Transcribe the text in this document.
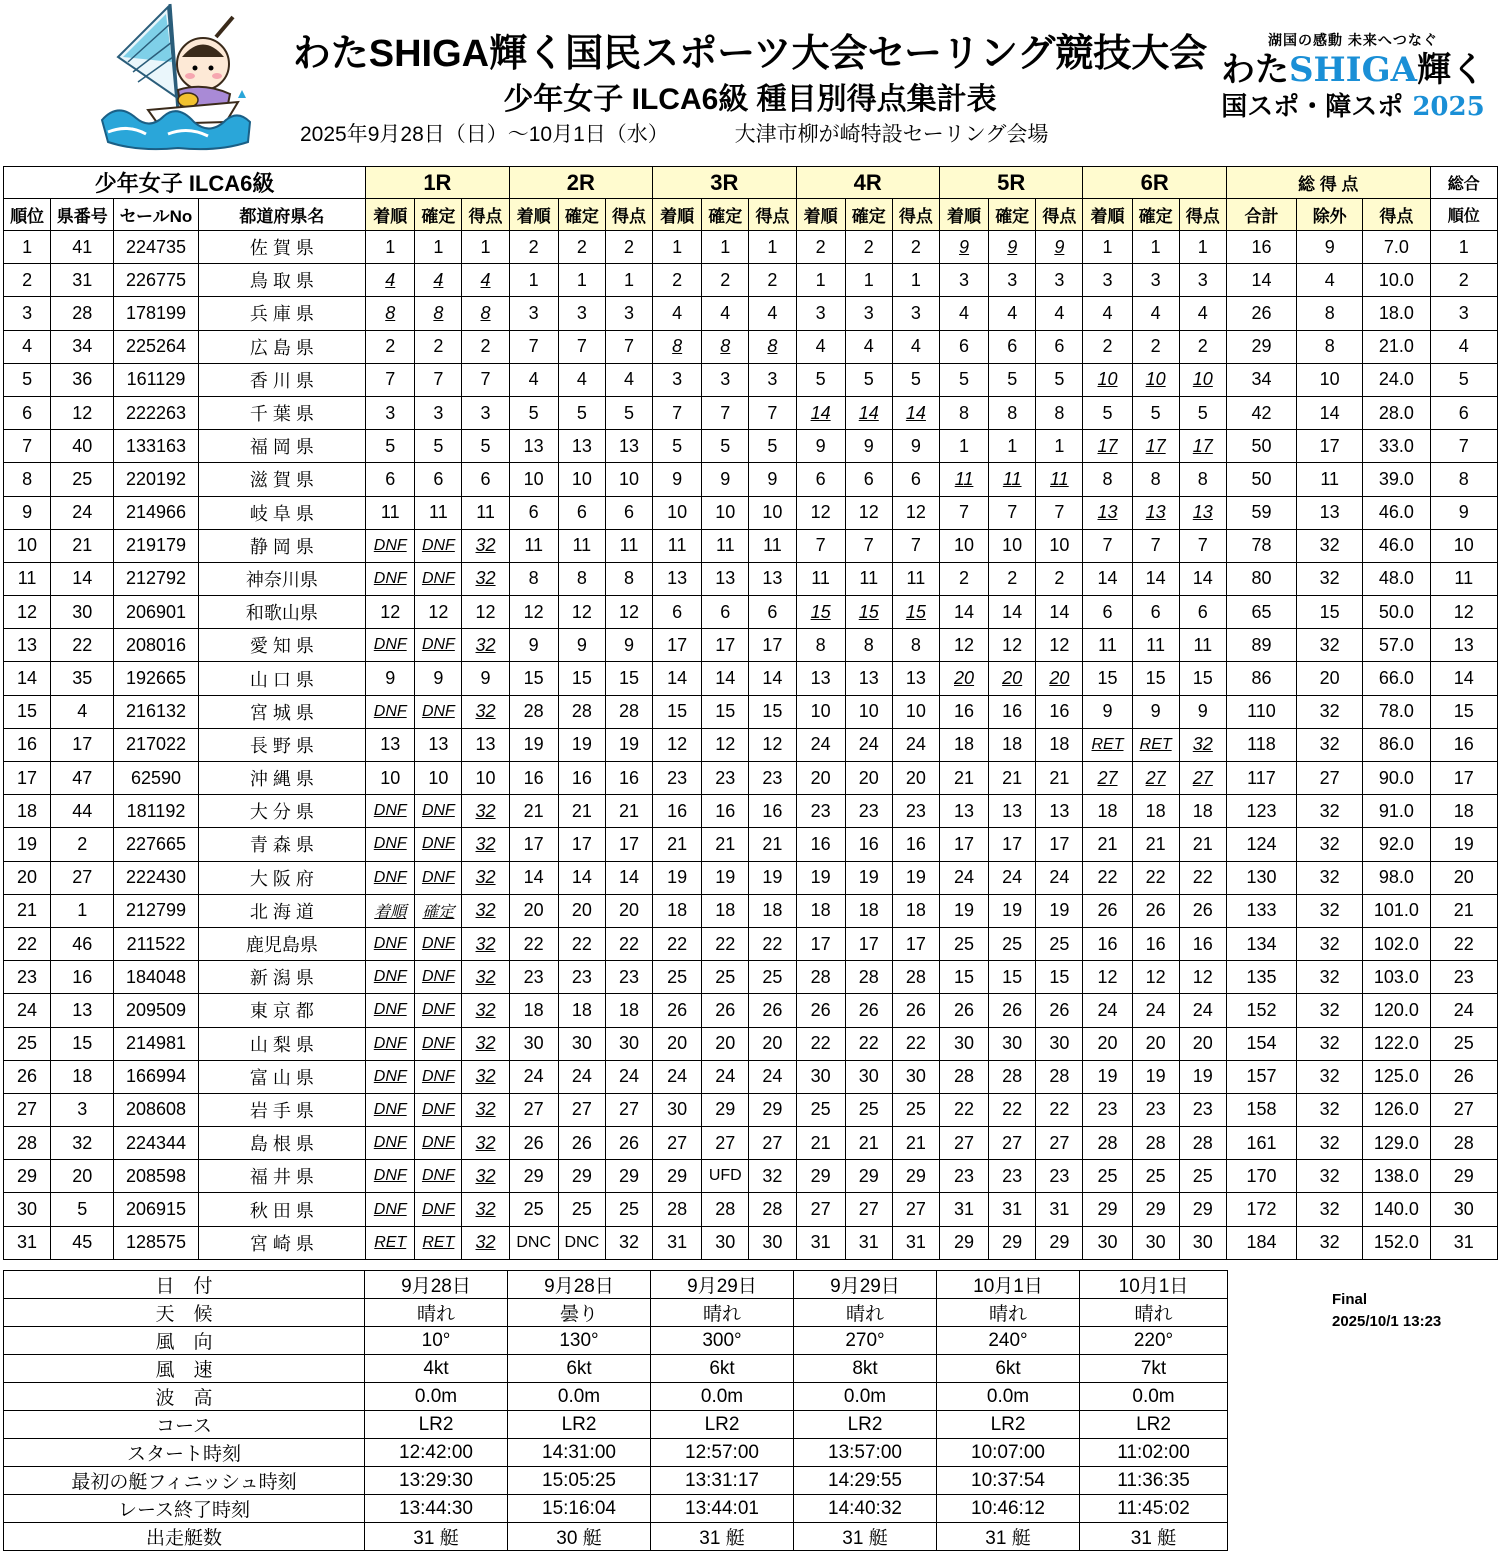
わたSHIGA輝く国民スポーツ大会セーリング競技大会
少年女子 ILCA6級 種目別得点集計表
2025年9月28日（日）～10月1日（水）	大津市柳が崎特設セーリング会場
湖国の感動 未来へつなぐ
わたSHIGA輝く
国スポ・障スポ 2025
少年女子 ILCA6級				1R			2R			3R			4R			5R			6R			総 得 点			総合
順位	県番号	セールNo	都道府県名	着順	確定	得点	着順	確定	得点	着順	確定	得点	着順	確定	得点	着順	確定	得点	着順	確定	得点	合計	除外	得点	順位
1	41	224735	佐 賀 県	1	1	1	2	2	2	1	1	1	2	2	2	9	9	9	1	1	1	16	9	7.0	1
2	31	226775	鳥 取 県	4	4	4	1	1	1	2	2	2	1	1	1	3	3	3	3	3	3	14	4	10.0	2
3	28	178199	兵 庫 県	8	8	8	3	3	3	4	4	4	3	3	3	4	4	4	4	4	4	26	8	18.0	3
4	34	225264	広 島 県	2	2	2	7	7	7	8	8	8	4	4	4	6	6	6	2	2	2	29	8	21.0	4
5	36	161129	香 川 県	7	7	7	4	4	4	3	3	3	5	5	5	5	5	5	10	10	10	34	10	24.0	5
6	12	222263	千 葉 県	3	3	3	5	5	5	7	7	7	14	14	14	8	8	8	5	5	5	42	14	28.0	6
7	40	133163	福 岡 県	5	5	5	13	13	13	5	5	5	9	9	9	1	1	1	17	17	17	50	17	33.0	7
8	25	220192	滋 賀 県	6	6	6	10	10	10	9	9	9	6	6	6	11	11	11	8	8	8	50	11	39.0	8
9	24	214966	岐 阜 県	11	11	11	6	6	6	10	10	10	12	12	12	7	7	7	13	13	13	59	13	46.0	9
10	21	219179	静 岡 県	DNF	DNF	32	11	11	11	11	11	11	7	7	7	10	10	10	7	7	7	78	32	46.0	10
11	14	212792	神奈川県	DNF	DNF	32	8	8	8	13	13	13	11	11	11	2	2	2	14	14	14	80	32	48.0	11
12	30	206901	和歌山県	12	12	12	12	12	12	6	6	6	15	15	15	14	14	14	6	6	6	65	15	50.0	12
13	22	208016	愛 知 県	DNF	DNF	32	9	9	9	17	17	17	8	8	8	12	12	12	11	11	11	89	32	57.0	13
14	35	192665	山 口 県	9	9	9	15	15	15	14	14	14	13	13	13	20	20	20	15	15	15	86	20	66.0	14
15	4	216132	宮 城 県	DNF	DNF	32	28	28	28	15	15	15	10	10	10	16	16	16	9	9	9	110	32	78.0	15
16	17	217022	長 野 県	13	13	13	19	19	19	12	12	12	24	24	24	18	18	18	RET	RET	32	118	32	86.0	16
17	47	62590	沖 縄 県	10	10	10	16	16	16	23	23	23	20	20	20	21	21	21	27	27	27	117	27	90.0	17
18	44	181192	大 分 県	DNF	DNF	32	21	21	21	16	16	16	23	23	23	13	13	13	18	18	18	123	32	91.0	18
19	2	227665	青 森 県	DNF	DNF	32	17	17	17	21	21	21	16	16	16	17	17	17	21	21	21	124	32	92.0	19
20	27	222430	大 阪 府	DNF	DNF	32	14	14	14	19	19	19	19	19	19	24	24	24	22	22	22	130	32	98.0	20
21	1	212799	北 海 道	着順	確定	32	20	20	20	18	18	18	18	18	18	19	19	19	26	26	26	133	32	101.0	21
22	46	211522	鹿児島県	DNF	DNF	32	22	22	22	22	22	22	17	17	17	25	25	25	16	16	16	134	32	102.0	22
23	16	184048	新 潟 県	DNF	DNF	32	23	23	23	25	25	25	28	28	28	15	15	15	12	12	12	135	32	103.0	23
24	13	209509	東 京 都	DNF	DNF	32	18	18	18	26	26	26	26	26	26	26	26	26	24	24	24	152	32	120.0	24
25	15	214981	山 梨 県	DNF	DNF	32	30	30	30	20	20	20	22	22	22	30	30	30	20	20	20	154	32	122.0	25
26	18	166994	富 山 県	DNF	DNF	32	24	24	24	24	24	24	30	30	30	28	28	28	19	19	19	157	32	125.0	26
27	3	208608	岩 手 県	DNF	DNF	32	27	27	27	30	29	29	25	25	25	22	22	22	23	23	23	158	32	126.0	27
28	32	224344	島 根 県	DNF	DNF	32	26	26	26	27	27	27	21	21	21	27	27	27	28	28	28	161	32	129.0	28
29	20	208598	福 井 県	DNF	DNF	32	29	29	29	29	UFD	32	29	29	29	23	23	23	25	25	25	170	32	138.0	29
30	5	206915	秋 田 県	DNF	DNF	32	25	25	25	28	28	28	27	27	27	31	31	31	29	29	29	172	32	140.0	30
31	45	128575	宮 崎 県	RET	RET	32	DNC	DNC	32	31	30	30	31	31	31	29	29	29	30	30	30	184	32	152.0	31
日　付	9月28日	9月28日	9月29日	9月29日	10月1日	10月1日
天　候	晴れ	曇り	晴れ	晴れ	晴れ	晴れ
風　向	10°	130°	300°	270°	240°	220°
風　速	4kt	6kt	6kt	8kt	6kt	7kt
波　高	0.0m	0.0m	0.0m	0.0m	0.0m	0.0m
コース	LR2	LR2	LR2	LR2	LR2	LR2
スタート時刻	12:42:00	14:31:00	12:57:00	13:57:00	10:07:00	11:02:00
最初の艇フィニッシュ時刻	13:29:30	15:05:25	13:31:17	14:29:55	10:37:54	11:36:35
レース終了時刻	13:44:30	15:16:04	13:44:01	14:40:32	10:46:12	11:45:02
出走艇数	31 艇	30 艇	31 艇	31 艇	31 艇	31 艇
Final
2025/10/1 13:23
